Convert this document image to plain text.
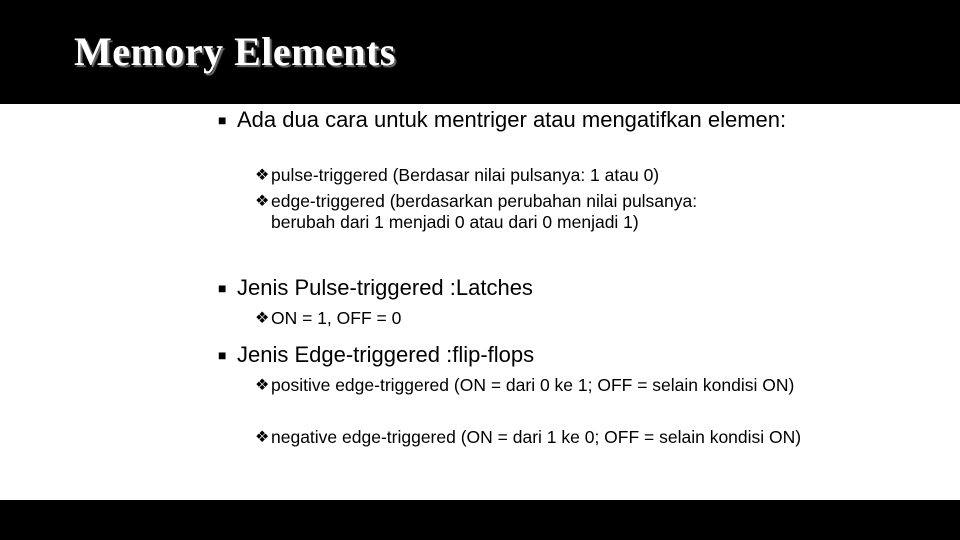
Memory Elements
■ Ada dua cara untuk mentriger atau mengatifkan elemen:
❖ pulse-triggered (Berdasar nilai pulsanya: 1 atau 0)
❖ edge-triggered (berdasarkan perubahan nilai pulsanya: berubah dari 1 menjadi 0 atau dari 0 menjadi 1)
■ Jenis Pulse-triggered :Latches
❖ ON = 1, OFF = 0
■ Jenis Edge-triggered :flip-flops
❖ positive edge-triggered (ON = dari 0 ke 1; OFF = selain kondisi ON)
❖ negative edge-triggered (ON = dari 1 ke 0; OFF = selain kondisi ON)
